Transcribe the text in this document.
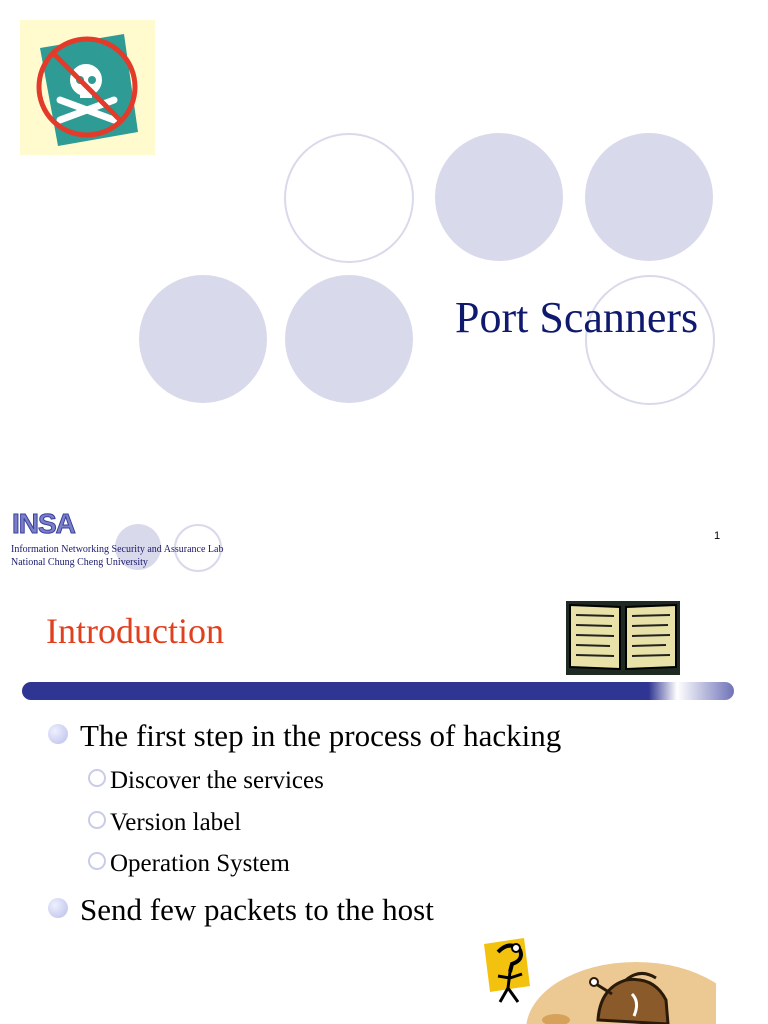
Port Scanners
INSA
Information Networking Security and Assurance Lab
National Chung Cheng University
1
Introduction
The first step in the process of hacking
Discover the services
Version label
Operation System
Send few packets to the host
